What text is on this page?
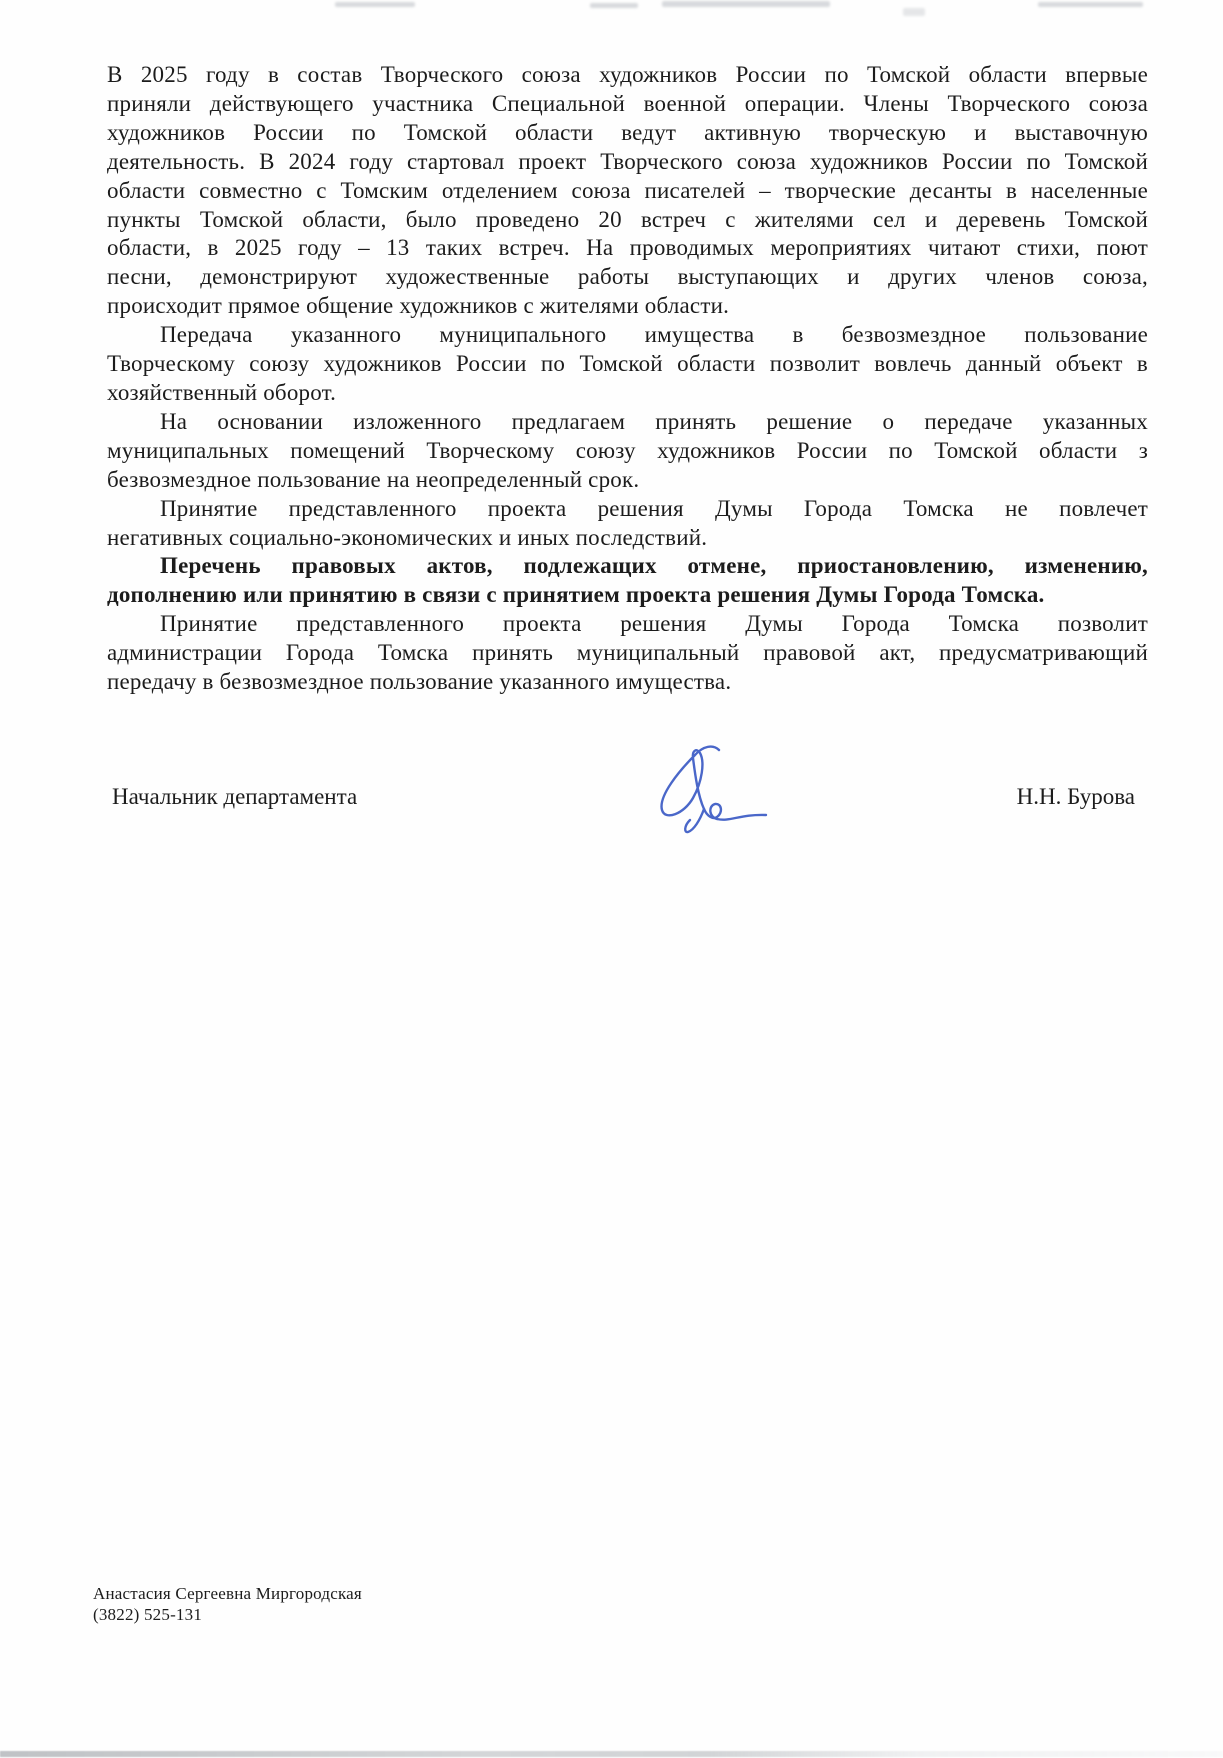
В 2025 году в состав Творческого союза художников России по Томской области впервые
приняли действующего участника Специальной военной операции. Члены Творческого союза
художников России по Томской области ведут активную творческую и выставочную
деятельность. В 2024 году стартовал проект Творческого союза художников России по Томской
области совместно с Томским отделением союза писателей – творческие десанты в населенные
пункты Томской области, было проведено 20 встреч с жителями сел и деревень Томской
области, в 2025 году – 13 таких встреч. На проводимых мероприятиях читают стихи, поют
песни, демонстрируют художественные работы выступающих и других членов союза,
происходит прямое общение художников с жителями области.
Передача указанного муниципального имущества в безвозмездное пользование
Творческому союзу художников России по Томской области позволит вовлечь данный объект в
хозяйственный оборот.
На основании изложенного предлагаем принять решение о передаче указанных
муниципальных помещений Творческому союзу художников России по Томской области з
безвозмездное пользование на неопределенный срок.
Принятие представленного проекта решения Думы Города Томска не повлечет
негативных социально-экономических и иных последствий.
Перечень правовых актов, подлежащих отмене, приостановлению, изменению,
дополнению или принятию в связи с принятием проекта решения Думы Города Томска.
Принятие представленного проекта решения Думы Города Томска позволит
администрации Города Томска принять муниципальный правовой акт, предусматривающий
передачу в безвозмездное пользование указанного имущества.
Начальник департамента	Н.Н. Бурова
Анастасия Сергеевна Миргородская
(3822) 525-131
